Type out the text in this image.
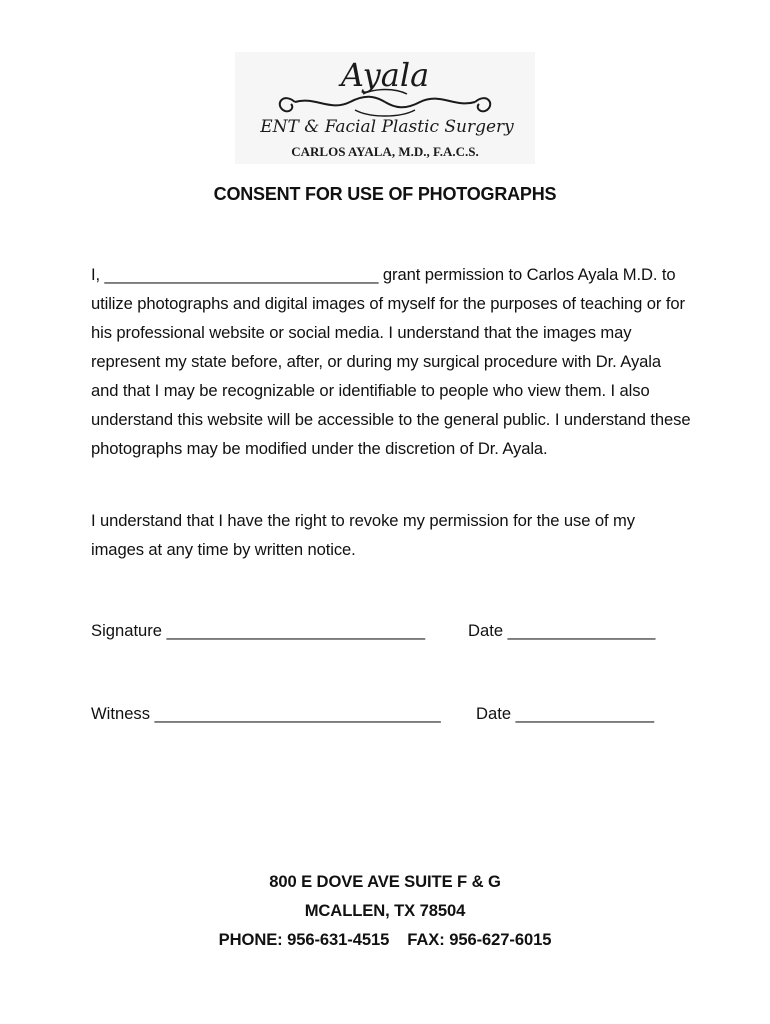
Ayala
ENT & Facial Plastic Surgery
CARLOS AYALA, M.D., F.A.C.S.
CONSENT FOR USE OF PHOTOGRAPHS
I, ______________________________ grant permission to Carlos Ayala M.D. to utilize photographs and digital images of myself for the purposes of teaching or for his professional website or social media. I understand that the images may represent my state before, after, or during my surgical procedure with Dr. Ayala and that I may be recognizable or identifiable to people who view them. I also understand this website will be accessible to the general public. I understand these photographs may be modified under the discretion of Dr. Ayala.
I understand that I have the right to revoke my permission for the use of my images at any time by written notice.
Signature ____________________________	Date ________________
Witness _______________________________ Date _______________
800 E DOVE AVE SUITE F & G
MCALLEN, TX 78504
PHONE: 956-631-4515    FAX: 956-627-6015
